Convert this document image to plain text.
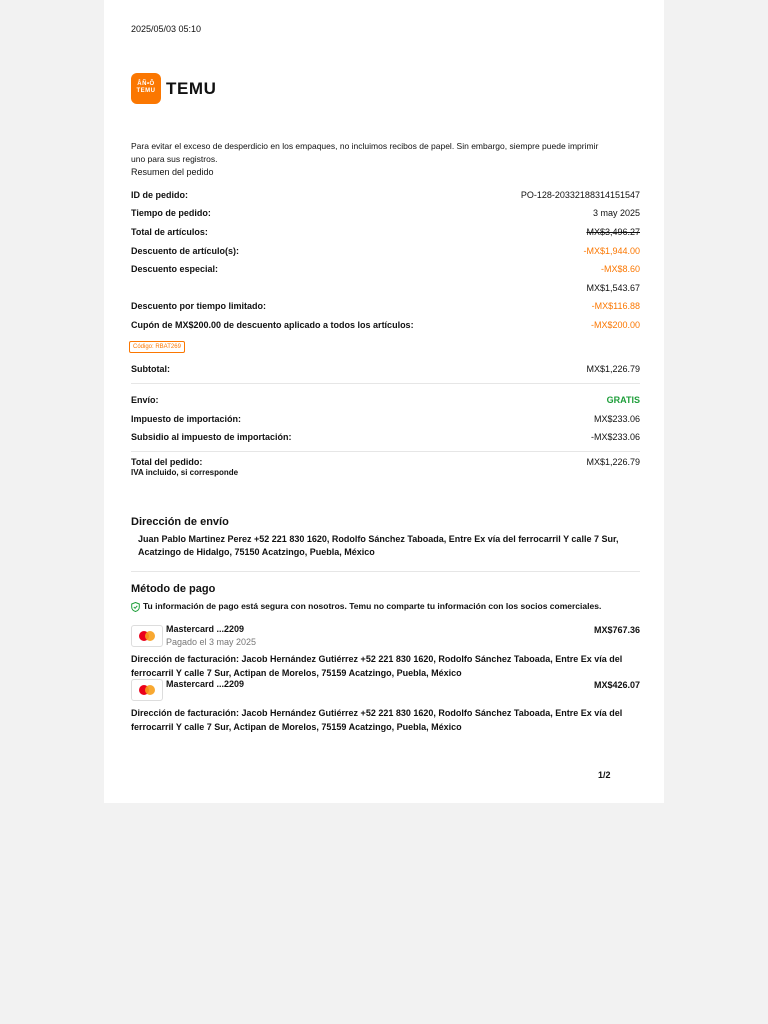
2025/05/03 05:10
ÂÑ•Ô
TEMU TEMU
Para evitar el exceso de desperdicio en los empaques, no incluimos recibos de papel. Sin embargo, siempre puede imprimir uno para sus registros.
Resumen del pedido
ID de pedido:	PO-128-20332188314151547
Tiempo de pedido:	3 may 2025
Total de artículos:	MX$3,496.27
Descuento de artículo(s):	-MX$1,944.00
Descuento especial:	-MX$8.60
MX$1,543.67
Descuento por tiempo limitado:	-MX$116.88
Cupón de MX$200.00 de descuento aplicado a todos los artículos:	-MX$200.00
Código: RBAT269
Subtotal:	MX$1,226.79
Envío:	GRATIS
Impuesto de importación:	MX$233.06
Subsidio al impuesto de importación:	-MX$233.06
Total del pedido:	MX$1,226.79
IVA incluido, si corresponde
Dirección de envío
Juan Pablo Martinez Perez +52 221 830 1620, Rodolfo Sánchez Taboada, Entre Ex vía del ferrocarril Y calle 7 Sur, Acatzingo de Hidalgo, 75150 Acatzingo, Puebla, México
Método de pago
Tu información de pago está segura con nosotros. Temu no comparte tu información con los socios comerciales.
Mastercard ...2209
Pagado el 3 may 2025
MX$767.36
Dirección de facturación: Jacob Hernández Gutiérrez +52 221 830 1620, Rodolfo Sánchez Taboada, Entre Ex vía del ferrocarril Y calle 7 Sur, Actipan de Morelos, 75159 Acatzingo, Puebla, México
Mastercard ...2209	MX$426.07
Dirección de facturación: Jacob Hernández Gutiérrez +52 221 830 1620, Rodolfo Sánchez Taboada, Entre Ex vía del ferrocarril Y calle 7 Sur, Actipan de Morelos, 75159 Acatzingo, Puebla, México
1/2
